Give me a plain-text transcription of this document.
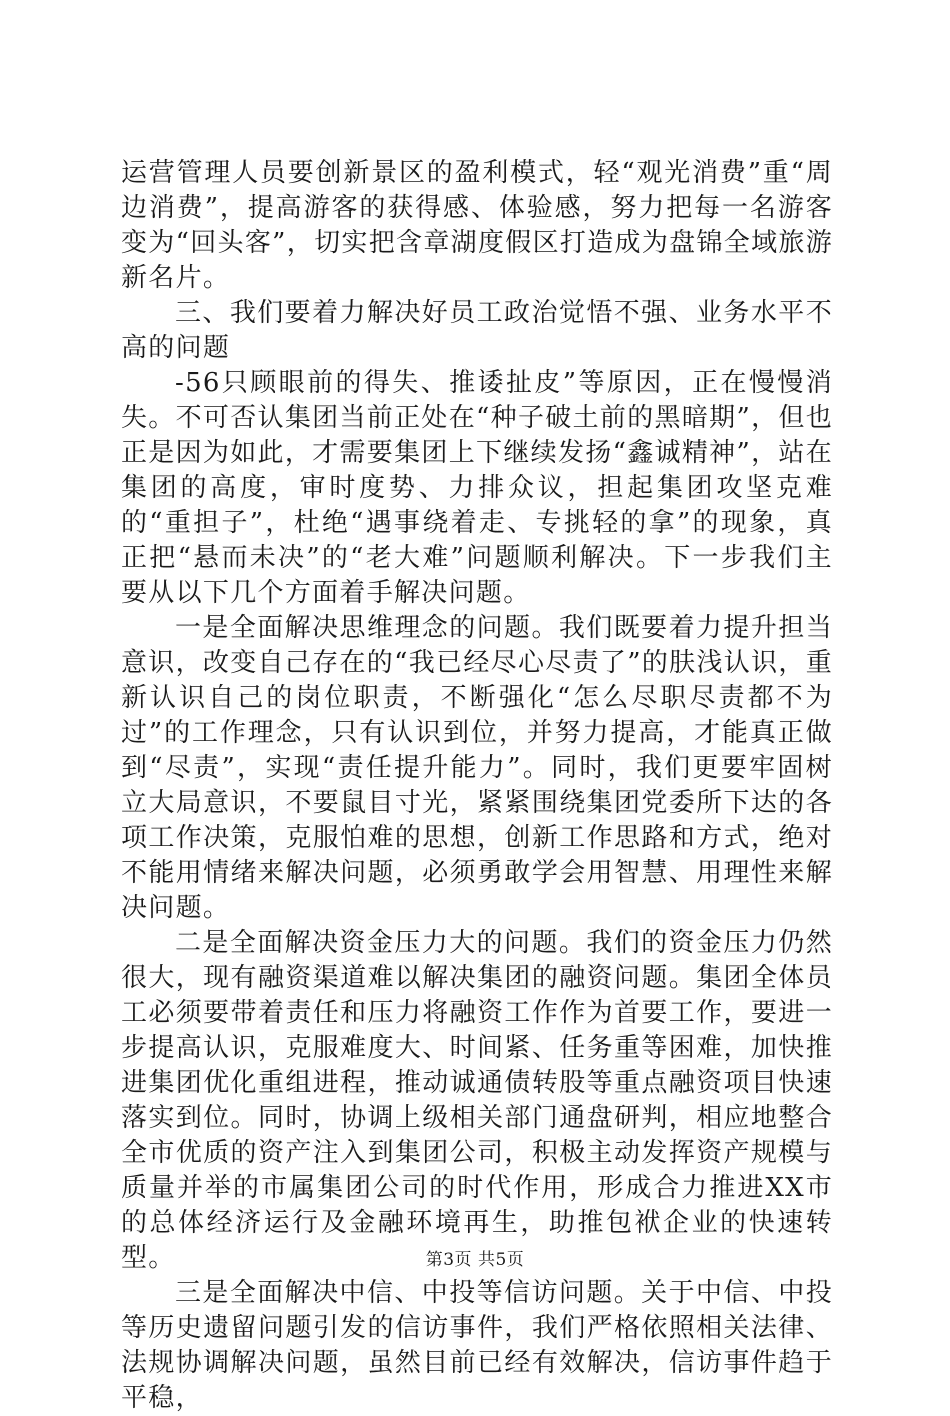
运营管理人员要创新景区的盈利模式，轻“观光消费”重“周边消费”，提高游客的获得感、体验感，努力把每一名游客变为“回头客”，切实把含章湖度假区打造成为盘锦全域旅游新名片。

三、我们要着力解决好员工政治觉悟不强、业务水平不高的问题

-56只顾眼前的得失、推诿扯皮”等原因，正在慢慢消失。不可否认集团当前正处在“种子破土前的黑暗期”，但也正是因为如此，才需要集团上下继续发扬“鑫诚精神”，站在集团的高度，审时度势、力排众议，担起集团攻坚克难的“重担子”，杜绝“遇事绕着走、专挑轻的拿”的现象，真正把“悬而未决”的“老大难”问题顺利解决。下一步我们主要从以下几个方面着手解决问题。

一是全面解决思维理念的问题。我们既要着力提升担当意识，改变自己存在的“我已经尽心尽责了”的肤浅认识，重新认识自己的岗位职责，不断强化“怎么尽职尽责都不为过”的工作理念，只有认识到位，并努力提高，才能真正做到“尽责”，实现“责任提升能力”。同时，我们更要牢固树立大局意识，不要鼠目寸光，紧紧围绕集团党委所下达的各项工作决策，克服怕难的思想，创新工作思路和方式，绝对不能用情绪来解决问题，必须勇敢学会用智慧、用理性来解决问题。

二是全面解决资金压力大的问题。我们的资金压力仍然很大，现有融资渠道难以解决集团的融资问题。集团全体员工必须要带着责任和压力将融资工作作为首要工作，要进一步提高认识，克服难度大、时间紧、任务重等困难，加快推进集团优化重组进程，推动诚通债转股等重点融资项目快速落实到位。同时，协调上级相关部门通盘研判，相应地整合全市优质的资产注入到集团公司，积极主动发挥资产规模与质量并举的市属集团公司的时代作用，形成合力推进XX市的总体经济运行及金融环境再生，助推包袱企业的快速转型。

三是全面解决中信、中投等信访问题。关于中信、中投等历史遗留问题引发的信访事件，我们严格依照相关法律、法规协调解决问题，虽然目前已经有效解决，信访事件趋于平稳，

第3页 共5页
